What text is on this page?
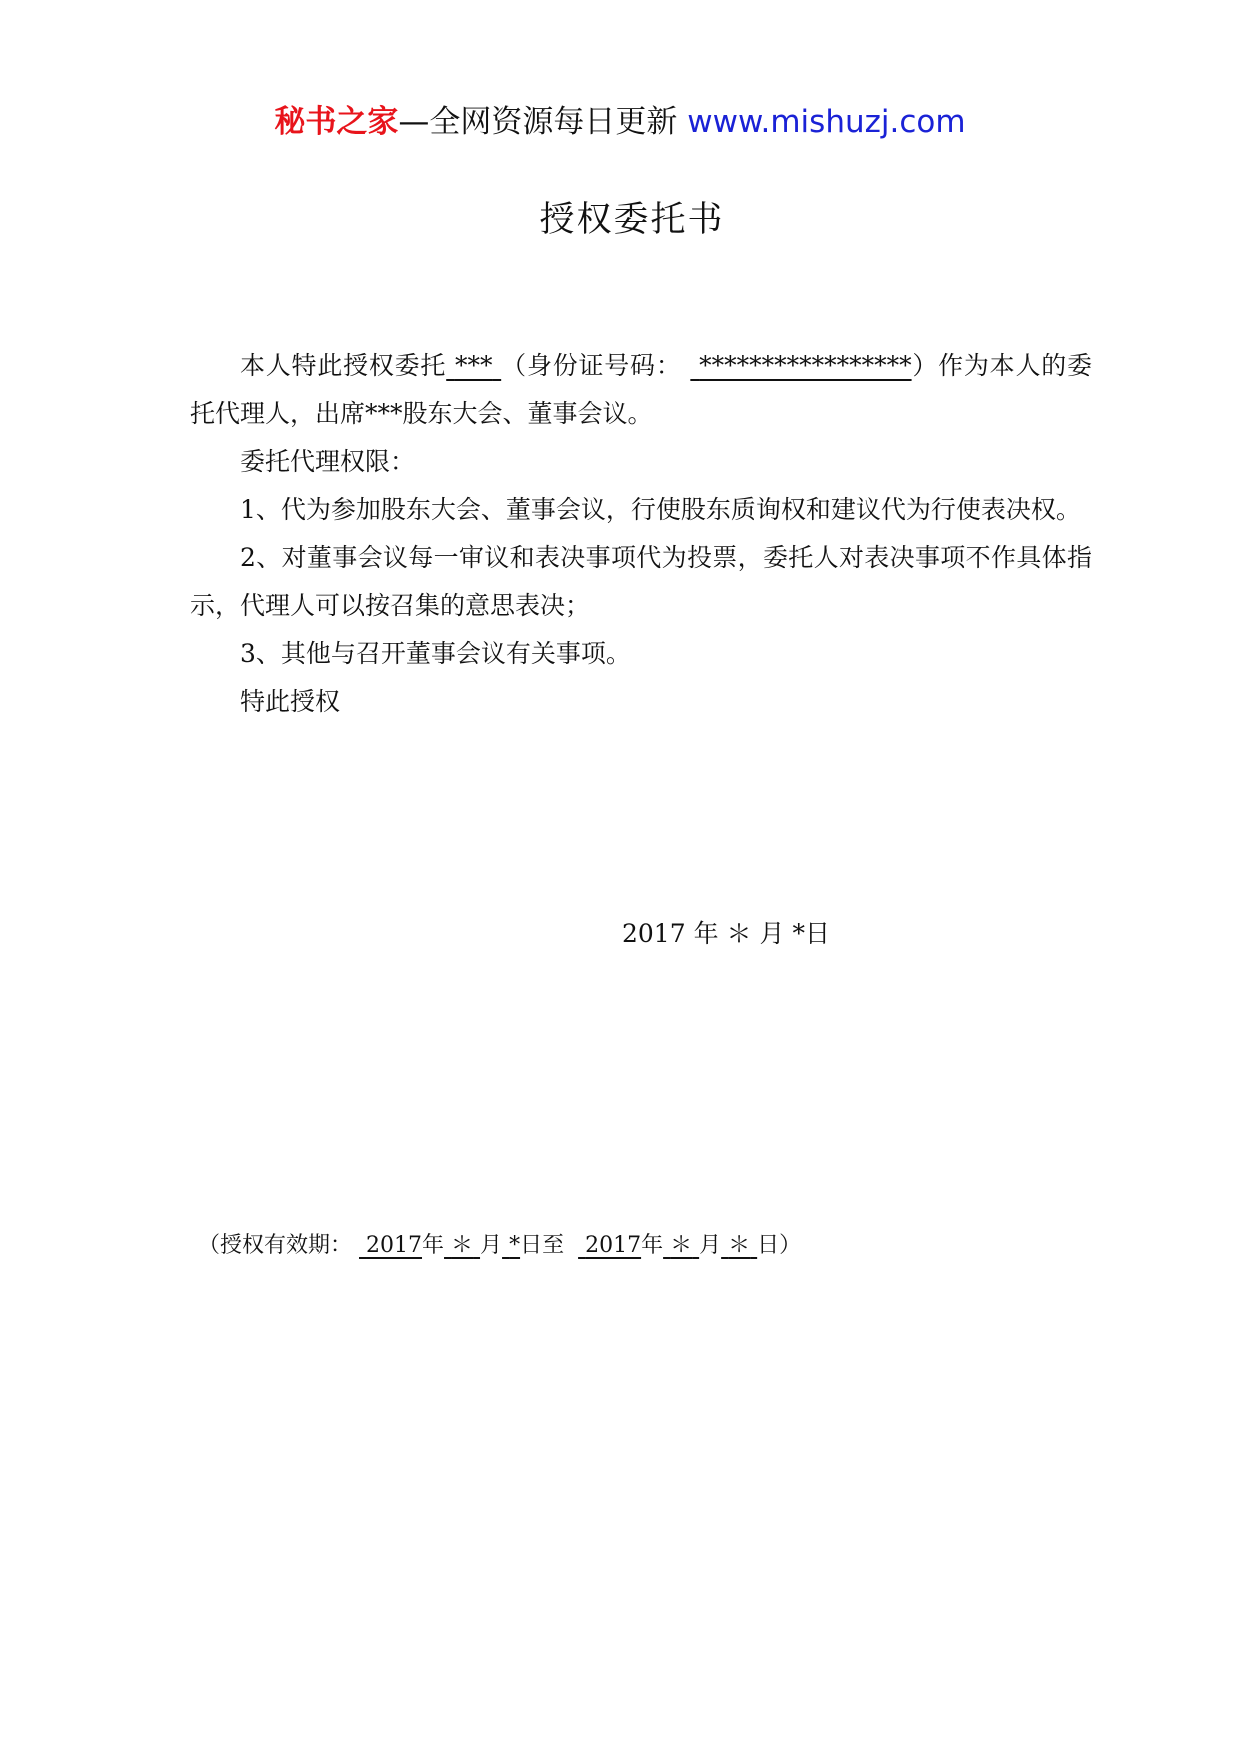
秘书之家—全网资源每日更新 www.mishuzj.com
授权委托书

本人特此授权委托 *** （身份证号码： *****************）作为本人的委托代理人，出席***股东大会、董事会议。

委托代理权限：

1、代为参加股东大会、董事会议，行使股东质询权和建议代为行使表决权。

2、对董事会议每一审议和表决事项代为投票，委托人对表决事项不作具体指示，代理人可以按召集的意思表决；

3、其他与召开董事会议有关事项。

特此授权

2017 年 ＊ 月 *日
（授权有效期： 2017年 ＊ 月 *日至 2017年 ＊ 月 ＊ 日）
